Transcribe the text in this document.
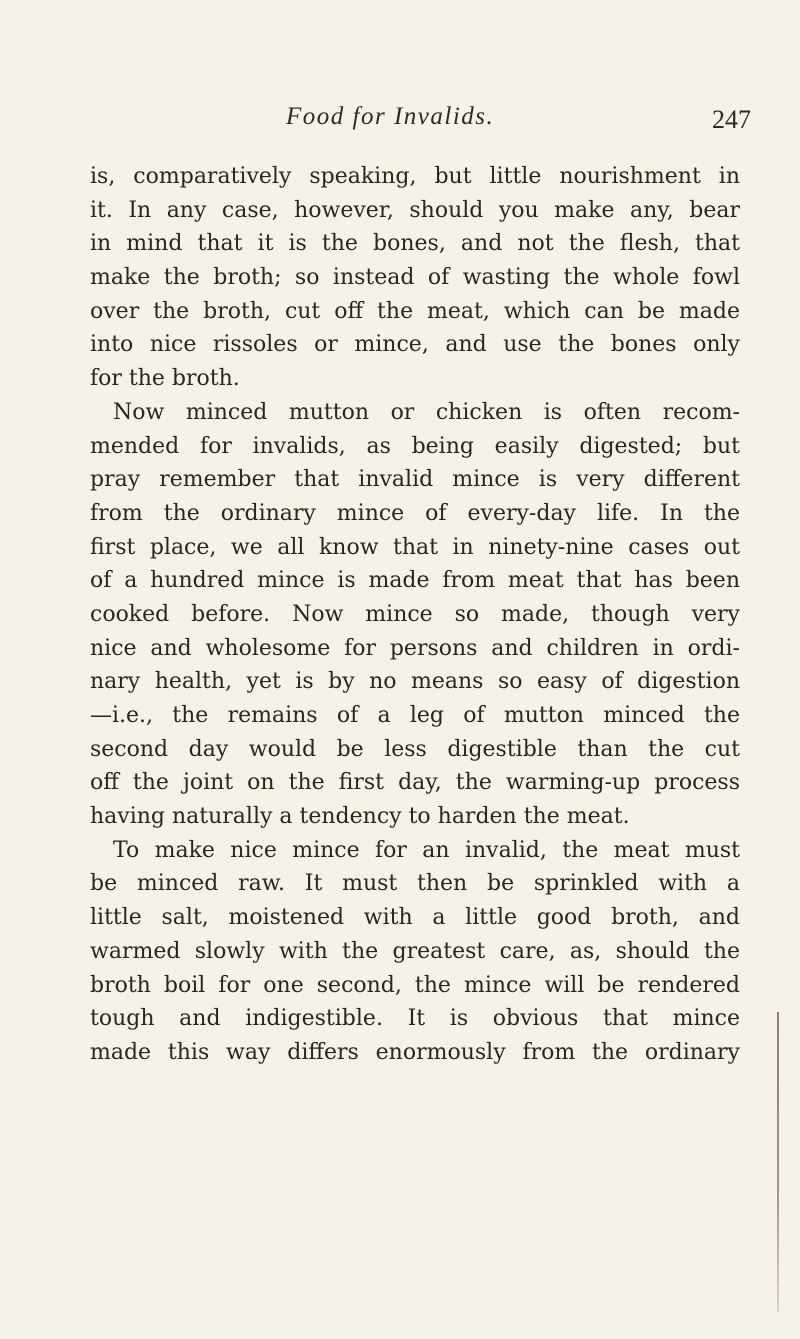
Food for Invalids.	247
is, comparatively speaking, but little nourishment in
it. In any case, however, should you make any, bear
in mind that it is the bones, and not the flesh, that
make the broth; so instead of wasting the whole fowl
over the broth, cut off the meat, which can be made
into nice rissoles or mince, and use the bones only
for the broth.
Now minced mutton or chicken is often recom-
mended for invalids, as being easily digested; but
pray remember that invalid mince is very different
from the ordinary mince of every-day life. In the
first place, we all know that in ninety-nine cases out
of a hundred mince is made from meat that has been
cooked before. Now mince so made, though very
nice and wholesome for persons and children in ordi-
nary health, yet is by no means so easy of digestion
—i.e., the remains of a leg of mutton minced the
second day would be less digestible than the cut
off the joint on the first day, the warming-up process
having naturally a tendency to harden the meat.
To make nice mince for an invalid, the meat must
be minced raw. It must then be sprinkled with a
little salt, moistened with a little good broth, and
warmed slowly with the greatest care, as, should the
broth boil for one second, the mince will be rendered
tough and indigestible. It is obvious that mince
made this way differs enormously from the ordinary
